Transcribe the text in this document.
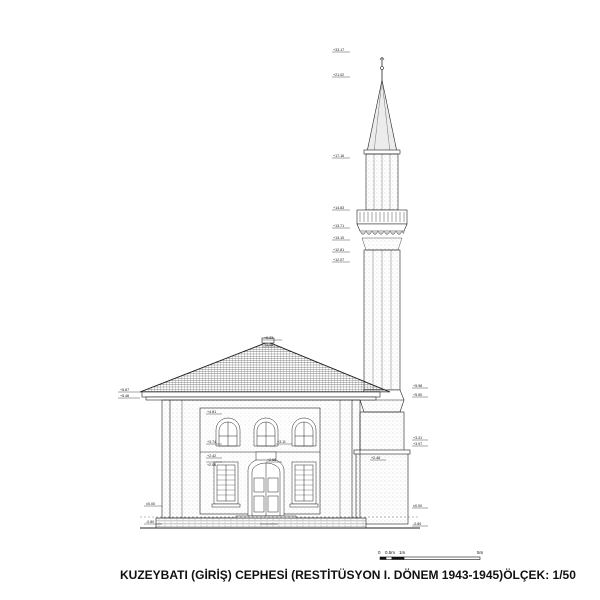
+33.17
+21.02
+17.16
+14.83
+13.71
+13.10
+12.81
+12.07
+5.98
+5.50
+6.33
+5.98
+5.87
+5.46
+4.81
+3.74	+3.11
+2.68
+2.42
+2.08
±0.00
-0.80
+3.31
+3.97
+2.48
±0.00
-0.80
0 0.5m 1m	5m
KUZEYBATI (GİRİŞ) CEPHESİ (RESTİTÜSYON I. DÖNEM 1943-1945) ÖLÇEK: 1/50
